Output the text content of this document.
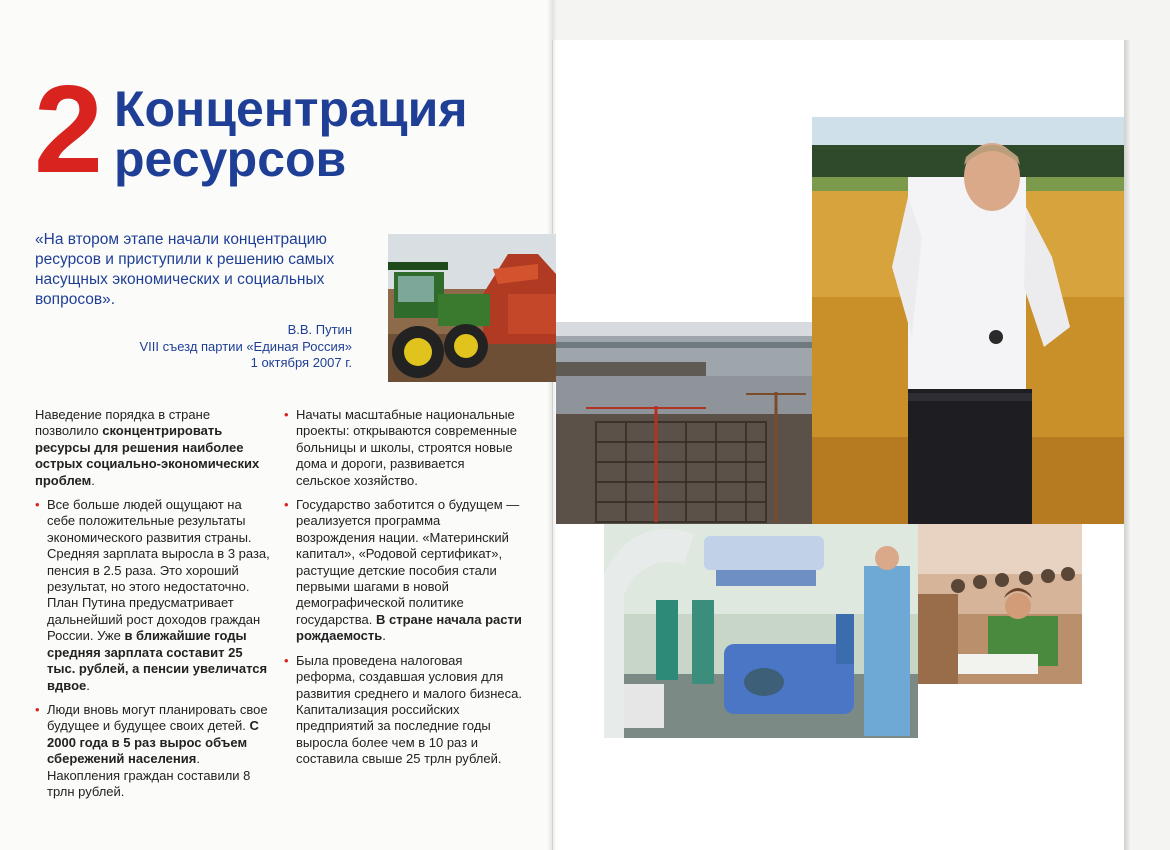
2 Концентрация
ресурсов
«На втором этапе начали концентрацию ресурсов и приступили к решению самых насущных экономических и социальных вопросов».
В.В. Путин
VIII съезд партии «Единая Россия»
1 октября 2007 г.

Наведение порядка в стране позволило сконцентрировать ресурсы для решения наиболее острых социально-экономических проблем.

• Все больше людей ощущают на себе положительные результаты экономического развития страны. Средняя зарплата выросла в 3 раза, пенсия в 2.5 раза. Это хороший результат, но этого недостаточно. План Путина предусматривает дальнейший рост доходов граждан России. Уже в ближайшие годы средняя зарплата составит 25 тыс. рублей, а пенсии увеличатся вдвое.

• Люди вновь могут планировать свое будущее и будущее своих детей. С 2000 года в 5 раз вырос объем сбережений населения. Накопления граждан составили 8 трлн рублей.

• Начаты масштабные национальные проекты: открываются современные больницы и школы, строятся новые дома и дороги, развивается сельское хозяйство.

• Государство заботится о будущем — реализуется программа возрождения нации. «Материнский капитал», «Родовой сертификат», растущие детские пособия стали первыми шагами в новой демографической политике государства. В стране начала расти рождаемость.

• Была проведена налоговая реформа, создавшая условия для развития среднего и малого бизнеса. Капитализация российских предприятий за последние годы выросла более чем в 10 раз и составила свыше 25 трлн рублей.
